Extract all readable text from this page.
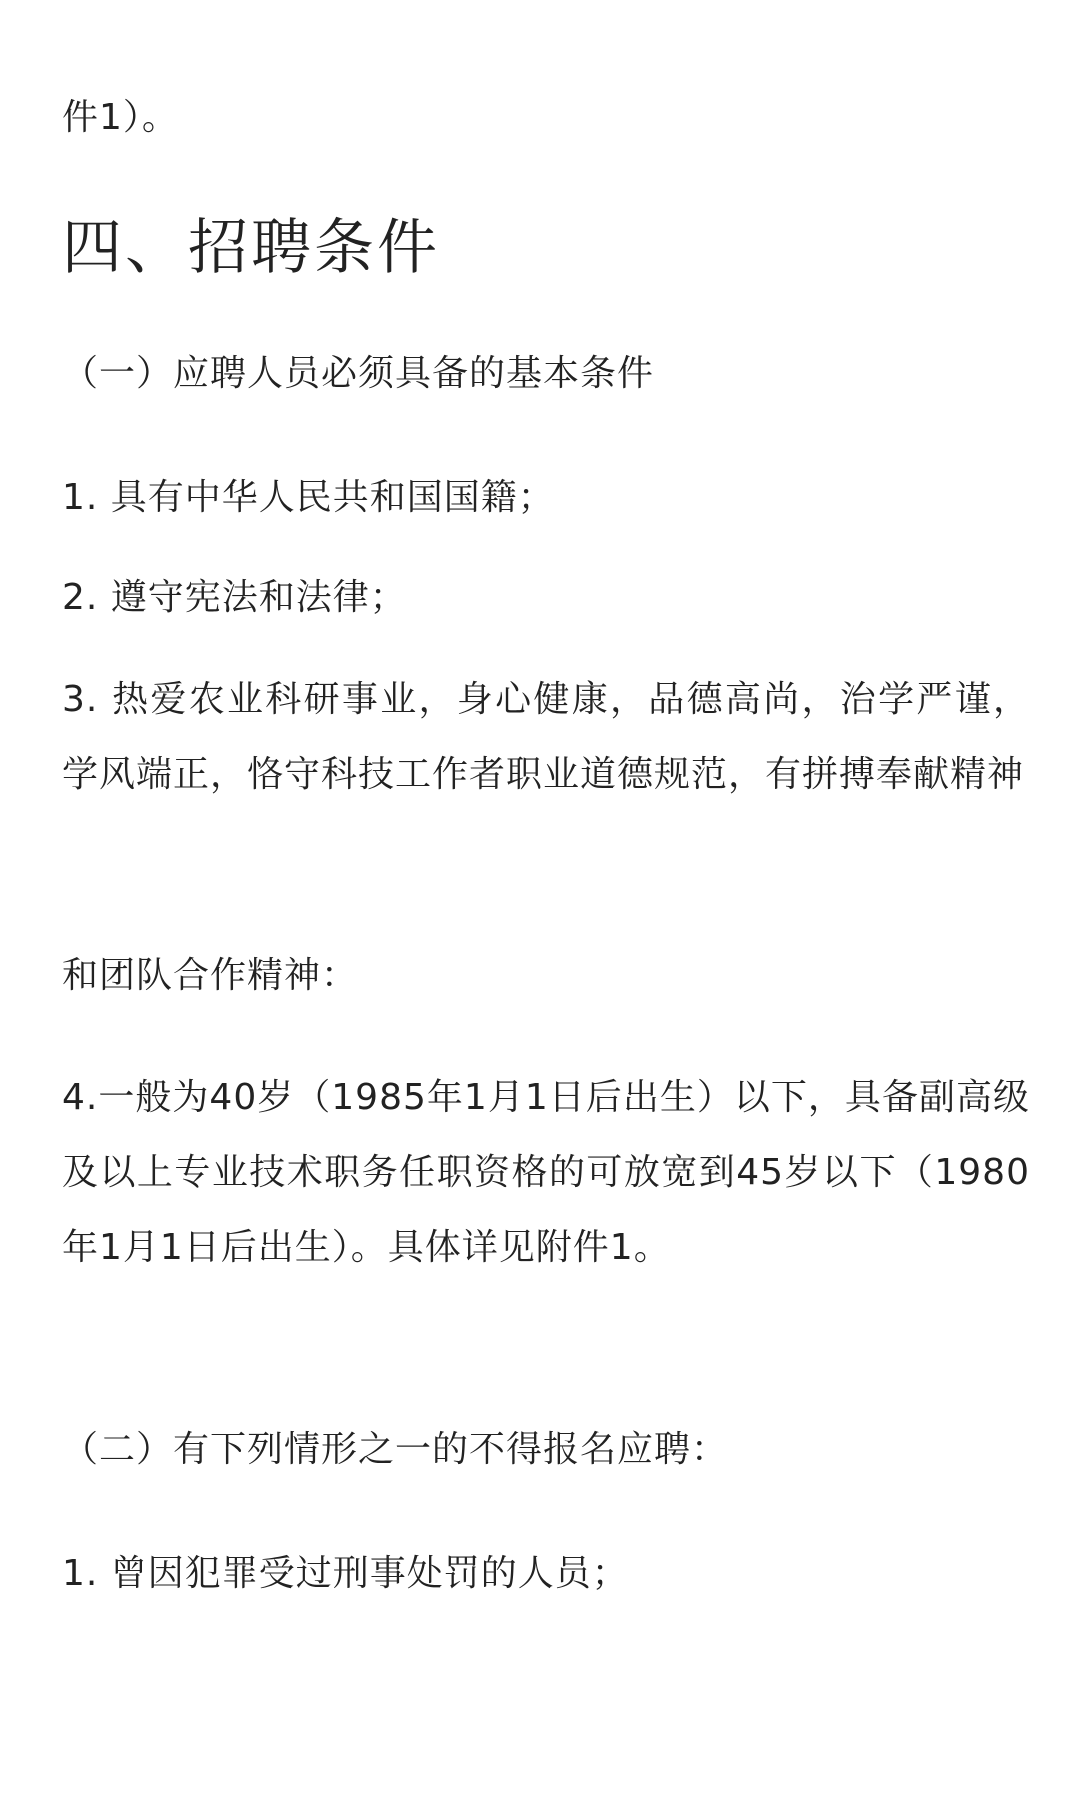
件1）。
四、招聘条件
（一）应聘人员必须具备的基本条件
1. 具有中华人民共和国国籍；
2. 遵守宪法和法律；
3. 热爱农业科研事业，身心健康，品德高尚，治学严谨，学风端正，恪守科技工作者职业道德规范，有拼搏奉献精神
和团队合作精神：
4.一般为40岁（1985年1月1日后出生）以下，具备副高级及以上专业技术职务任职资格的可放宽到45岁以下（1980年1月1日后出生）。具体详见附件1。
（二）有下列情形之一的不得报名应聘：
1. 曾因犯罪受过刑事处罚的人员；
